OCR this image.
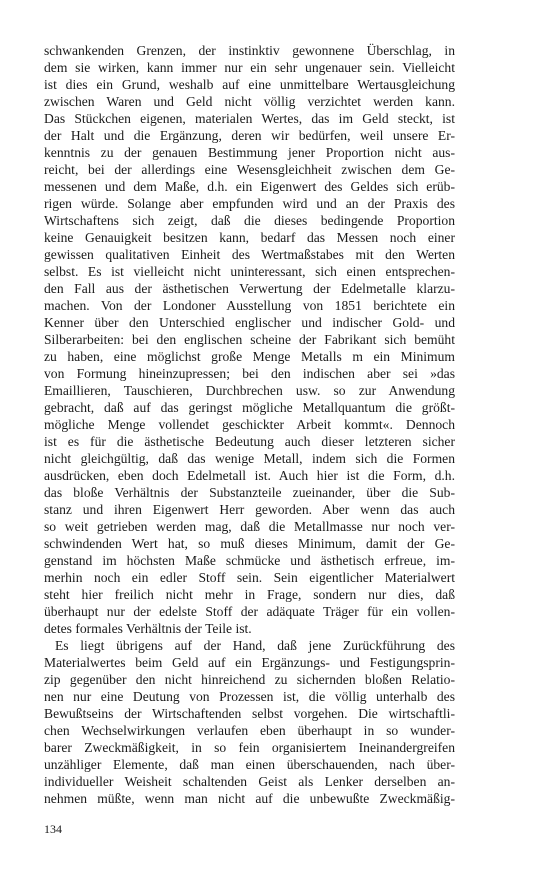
schwankenden Grenzen, der instinktiv gewonnene Überschlag, in
dem sie wirken, kann immer nur ein sehr ungenauer sein. Vielleicht
ist dies ein Grund, weshalb auf eine unmittelbare Wertausgleichung
zwischen Waren und Geld nicht völlig verzichtet werden kann.
Das Stückchen eigenen, materialen Wertes, das im Geld steckt, ist
der Halt und die Ergänzung, deren wir bedürfen, weil unsere Er-
kenntnis zu der genauen Bestimmung jener Proportion nicht aus-
reicht, bei der allerdings eine Wesensgleichheit zwischen dem Ge-
messenen und dem Maße, d.h. ein Eigenwert des Geldes sich erüb-
rigen würde. Solange aber empfunden wird und an der Praxis des
Wirtschaftens sich zeigt, daß die dieses bedingende Proportion
keine Genauigkeit besitzen kann, bedarf das Messen noch einer
gewissen qualitativen Einheit des Wertmaßstabes mit den Werten
selbst. Es ist vielleicht nicht uninteressant, sich einen entsprechen-
den Fall aus der ästhetischen Verwertung der Edelmetalle klarzu-
machen. Von der Londoner Ausstellung von 1851 berichtete ein
Kenner über den Unterschied englischer und indischer Gold- und
Silberarbeiten: bei den englischen scheine der Fabrikant sich bemüht
zu haben, eine möglichst große Menge Metalls m ein Minimum
von Formung hineinzupressen; bei den indischen aber sei »das
Emaillieren, Tauschieren, Durchbrechen usw. so zur Anwendung
gebracht, daß auf das geringst mögliche Metallquantum die größt-
mögliche Menge vollendet geschickter Arbeit kommt«. Dennoch
ist es für die ästhetische Bedeutung auch dieser letzteren sicher
nicht gleichgültig, daß das wenige Metall, indem sich die Formen
ausdrücken, eben doch Edelmetall ist. Auch hier ist die Form, d.h.
das bloße Verhältnis der Substanzteile zueinander, über die Sub-
stanz und ihren Eigenwert Herr geworden. Aber wenn das auch
so weit getrieben werden mag, daß die Metallmasse nur noch ver-
schwindenden Wert hat, so muß dieses Minimum, damit der Ge-
genstand im höchsten Maße schmücke und ästhetisch erfreue, im-
merhin noch ein edler Stoff sein. Sein eigentlicher Materialwert
steht hier freilich nicht mehr in Frage, sondern nur dies, daß
überhaupt nur der edelste Stoff der adäquate Träger für ein vollen-
detes formales Verhältnis der Teile ist.
Es liegt übrigens auf der Hand, daß jene Zurückführung des
Materialwertes beim Geld auf ein Ergänzungs- und Festigungsprin-
zip gegenüber den nicht hinreichend zu sichernden bloßen Relatio-
nen nur eine Deutung von Prozessen ist, die völlig unterhalb des
Bewußtseins der Wirtschaftenden selbst vorgehen. Die wirtschaftli-
chen Wechselwirkungen verlaufen eben überhaupt in so wunder-
barer Zweckmäßigkeit, in so fein organisiertem Ineinandergreifen
unzähliger Elemente, daß man einen überschauenden, nach über-
individueller Weisheit schaltenden Geist als Lenker derselben an-
nehmen müßte, wenn man nicht auf die unbewußte Zweckmäßig-
134
